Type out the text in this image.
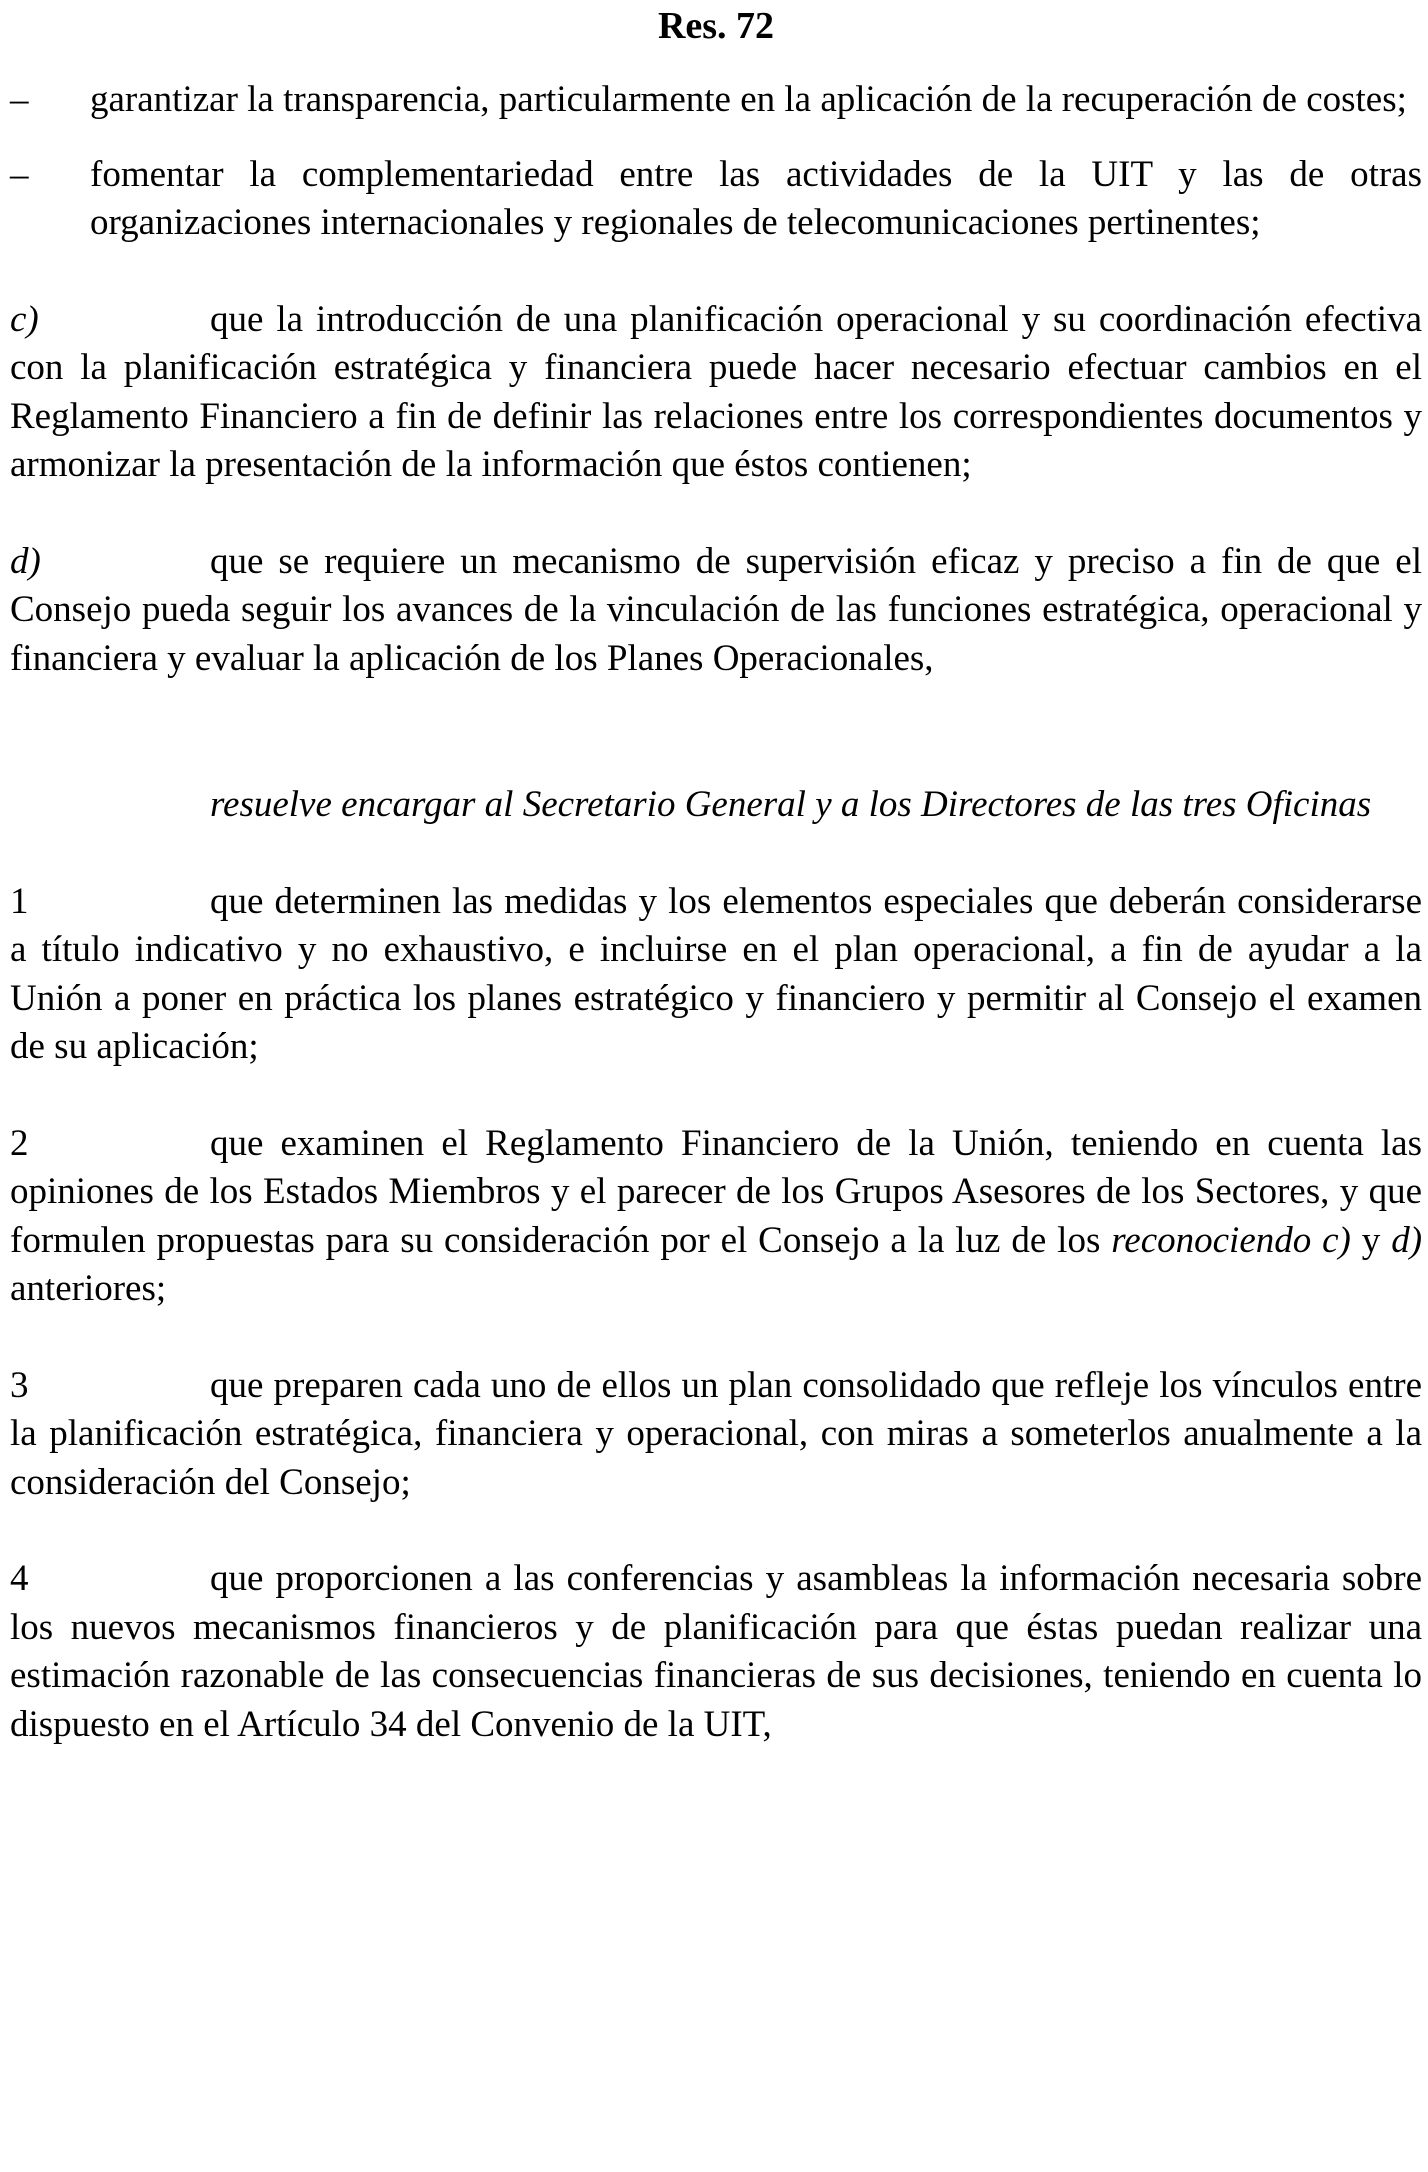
Res. 72

– garantizar la transparencia, particularmente en la aplicación de la recuperación de costes;

– fomentar la complementariedad entre las actividades de la UIT y las de otras organizaciones internacionales y regionales de telecomunicaciones pertinentes;

c)	que la introducción de una planificación operacional y su coordinación efectiva con la planificación estratégica y financiera puede hacer necesario efectuar cambios en el Reglamento Financiero a fin de definir las relaciones entre los correspondientes documentos y armonizar la presentación de la información que éstos contienen;

d)	que se requiere un mecanismo de supervisión eficaz y preciso a fin de que el Consejo pueda seguir los avances de la vinculación de las funciones estratégica, operacional y financiera y evaluar la aplicación de los Planes Operacionales,

resuelve encargar al Secretario General y a los Directores de las tres Oficinas

1	que determinen las medidas y los elementos especiales que deberán considerarse a título indicativo y no exhaustivo, e incluirse en el plan operacional, a fin de ayudar a la Unión a poner en práctica los planes estratégico y financiero y permitir al Consejo el examen de su aplicación;

2	que examinen el Reglamento Financiero de la Unión, teniendo en cuenta las opiniones de los Estados Miembros y el parecer de los Grupos Asesores de los Sectores, y que formulen propuestas para su consideración por el Consejo a la luz de los reconociendo c) y d) anteriores;

3	que preparen cada uno de ellos un plan consolidado que refleje los vínculos entre la planificación estratégica, financiera y operacional, con miras a someterlos anualmente a la consideración del Consejo;

4	que proporcionen a las conferencias y asambleas la información necesaria sobre los nuevos mecanismos financieros y de planificación para que éstas puedan realizar una estimación razonable de las consecuencias financieras de sus decisiones, teniendo en cuenta lo dispuesto en el Artículo 34 del Convenio de la UIT,
